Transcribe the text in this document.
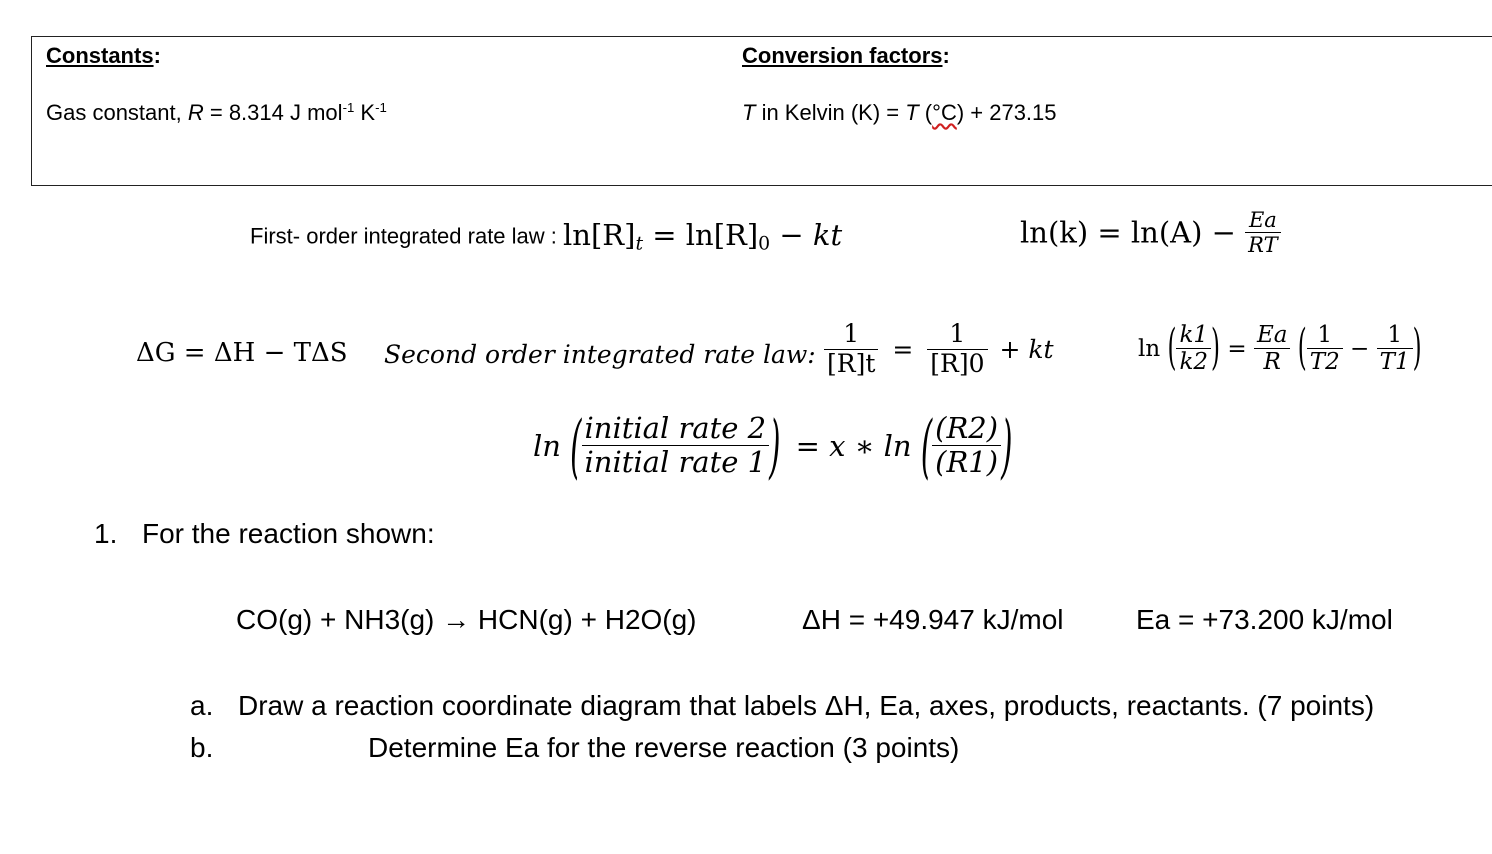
Constants:
Gas constant, R = 8.314 J mol$^{-1}$ $K^{-1}$
Conversion factors:
T in Kelvin (K) = T (°C) + 273.15
First- order integrated rate law : $\ln[R]_t = \ln[R]_0$ − kt	$\ln(k) = \ln(A) - \frac{Ea}{RT}$
ΔG = ΔH − TΔS Second order integrated rate law: $\frac{1}{[R]t} = \frac{1}{[R]0}$ + kt	ln ( $\frac{k1}{k2}$ ) = $\frac{Ea}{R}$ ( $\frac{1}{T2} - \frac{1}{T1}$ )
ln ( $\frac{\text{initial rate 2}}{\text{initial rate 1}}$ ) = x ∗ ln ( $\frac{(R2)}{(R1)}$ )
1. For the reaction shown:
CO(g) + NH3(g) → HCN(g) + H2O(g)	ΔH = +49.947 kJ/mol	Ea = +73.200 kJ/mol
a. Draw a reaction coordinate diagram that labels ΔH, Ea, axes, products, reactants. (7 points)
b.	Determine Ea for the reverse reaction (3 points)
